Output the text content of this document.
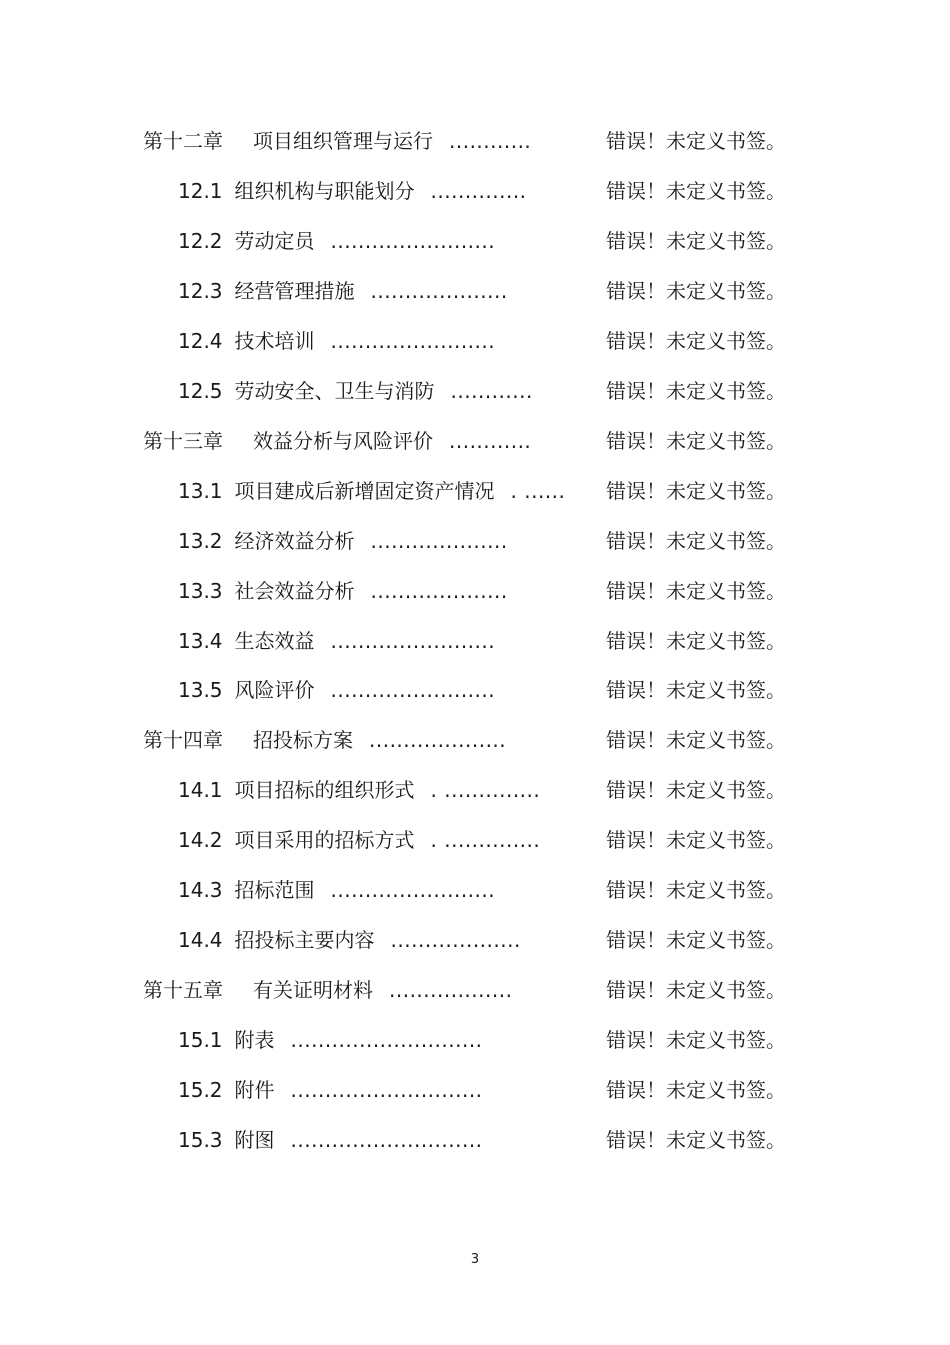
第十二章 项目组织管理与运行 ............	错误！未定义书签。
12.1 组织机构与职能划分 ..............	错误！未定义书签。
12.2 劳动定员 ........................	错误！未定义书签。
12.3 经营管理措施 ....................	错误！未定义书签。
12.4 技术培训 ........................	错误！未定义书签。
12.5 劳动安全、卫生与消防 ............	错误！未定义书签。
第十三章 效益分析与风险评价 ............	错误！未定义书签。
13.1 项目建成后新增固定资产情况 . ...... 错误！未定义书签。
13.2 经济效益分析 ....................	错误！未定义书签。
13.3 社会效益分析 ....................	错误！未定义书签。
13.4 生态效益 ........................	错误！未定义书签。
13.5 风险评价 ........................	错误！未定义书签。
第十四章 招投标方案 ....................	错误！未定义书签。
14.1 项目招标的组织形式 . ..............	错误！未定义书签。
14.2 项目采用的招标方式 . ..............	错误！未定义书签。
14.3 招标范围 ........................	错误！未定义书签。
14.4 招投标主要内容 ...................	错误！未定义书签。
第十五章 有关证明材料 ..................	错误！未定义书签。
15.1 附表 ............................	错误！未定义书签。
15.2 附件 ............................	错误！未定义书签。
15.3 附图 ............................	错误！未定义书签。
3
